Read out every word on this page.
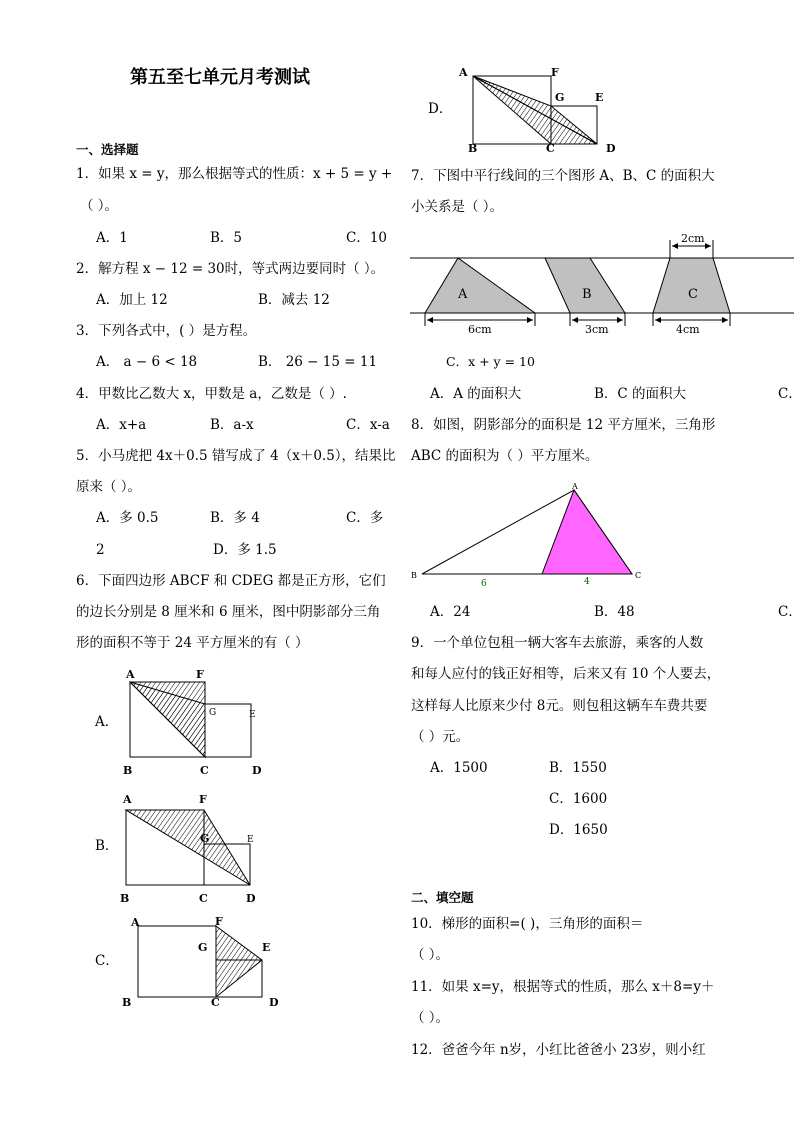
第五至七单元月考测试
一、选择题
1．如果 x = y，那么根据等式的性质：x + 5 = y +
（ ）。
A．1	B．5	C．10
2．解方程 x − 12 = 30时，等式两边要同时（ ）。
A．加上 12	B．减去 12
3．下列各式中，( ）是方程。
A． a − 6 < 18	B． 26 − 15 = 11
4．甲数比乙数大 x，甲数是 a，乙数是（ ）.
A．x+a	B．a-x	C．x-a
5．小马虎把 4x＋0.5 错写成了 4（x＋0.5），结果比
原来（ ）。
A．多 0.5	B．多 4	C．多
2	D．多 1.5
6．下面四边形 ABCF 和 CDEG 都是正方形，它们
的边长分别是 8 厘米和 6 厘米，图中阴影部分三角
形的面积不等于 24 平方厘米的有（ ）
A．
A	F
G	E
B	C	D
B．
A	F
G	E
B	C	D
C．
A	F
G	E
B	C	D
D．
A	F
G	E
B	C	D
7．下图中平行线间的三个图形 A、B、C 的面积大
小关系是（ ）。
A	B	C
2cm
6cm	3cm	4cm
C．x + y = 10
A．A 的面积大	B．C 的面积大	C．
8．如图，阴影部分的面积是 12 平方厘米，三角形
ABC 的面积为（ ）平方厘米。
A
B	C
6	4
A．24	B．48	C．
9．一个单位包租一辆大客车去旅游，乘客的人数
和每人应付的钱正好相等，后来又有 10 个人要去，
这样每人比原来少付 8元。则包租这辆车车费共要
（ ）元。
A．1500	B．1550
C．1600
D．1650
二、填空题
10．梯形的面积=( )，三角形的面积＝
（ ）。
11．如果 x=y，根据等式的性质，那么 x＋8=y＋
（ ）。
12．爸爸今年 n岁，小红比爸爸小 23岁，则小红
